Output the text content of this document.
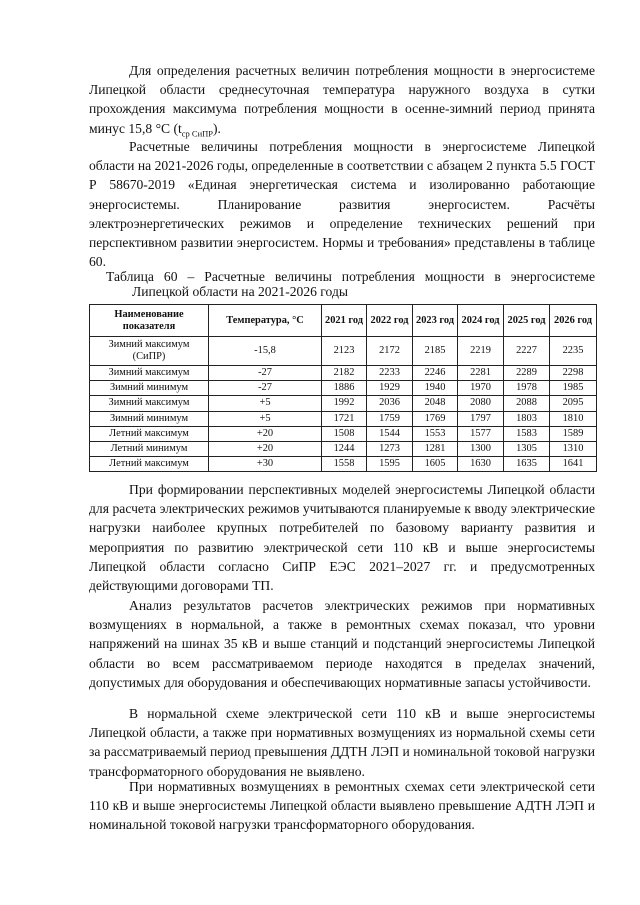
Для определения расчетных величин потребления мощности в энергосистеме Липецкой области среднесуточная температура наружного воздуха в сутки прохождения максимума потребления мощности в осенне-зимний период принята минус 15,8 °С $(t_{ср СиПР})$.

Расчетные величины потребления мощности в энергосистеме Липецкой области на 2021-2026 годы, определенные в соответствии с абзацем 2 пункта 5.5 ГОСТ Р 58670-2019 «Единая энергетическая система и изолированно работающие энергосистемы. Планирование развития энергосистем. Расчёты электроэнергетических режимов и определение технических решений при перспективном развитии энергосистем. Нормы и требования» представлены в таблице 60.

Таблица 60 – Расчетные величины потребления мощности в энергосистеме
Липецкой области на 2021-2026 годы
Наименование показателя	Температура, °С	2021 год	2022 год	2023 год	2024 год	2025 год	2026 год
Зимний максимум (СиПР)	-15,8	2123	2172	2185	2219	2227	2235
Зимний максимум	-27	2182	2233	2246	2281	2289	2298
Зимний минимум	-27	1886	1929	1940	1970	1978	1985
Зимний максимум	+5	1992	2036	2048	2080	2088	2095
Зимний минимум	+5	1721	1759	1769	1797	1803	1810
Летний максимум	+20	1508	1544	1553	1577	1583	1589
Летний минимум	+20	1244	1273	1281	1300	1305	1310
Летний максимум	+30	1558	1595	1605	1630	1635	1641

При формировании перспективных моделей энергосистемы Липецкой области для расчета электрических режимов учитываются планируемые к вводу электрические нагрузки наиболее крупных потребителей по базовому варианту развития и мероприятия по развитию электрической сети 110 кВ и выше энергосистемы Липецкой области согласно СиПР ЕЭС 2021–2027 гг. и предусмотренных действующими договорами ТП.

Анализ результатов расчетов электрических режимов при нормативных возмущениях в нормальной, а также в ремонтных схемах показал, что уровни напряжений на шинах 35 кВ и выше станций и подстанций энергосистемы Липецкой области во всем рассматриваемом периоде находятся в пределах значений, допустимых для оборудования и обеспечивающих нормативные запасы устойчивости.

В нормальной схеме электрической сети 110 кВ и выше энергосистемы Липецкой области, а также при нормативных возмущениях из нормальной схемы сети за рассматриваемый период превышения ДДТН ЛЭП и номинальной токовой нагрузки трансформаторного оборудования не выявлено.

При нормативных возмущениях в ремонтных схемах сети электрической сети 110 кВ и выше энергосистемы Липецкой области выявлено превышение АДТН ЛЭП и номинальной токовой нагрузки трансформаторного оборудования.
